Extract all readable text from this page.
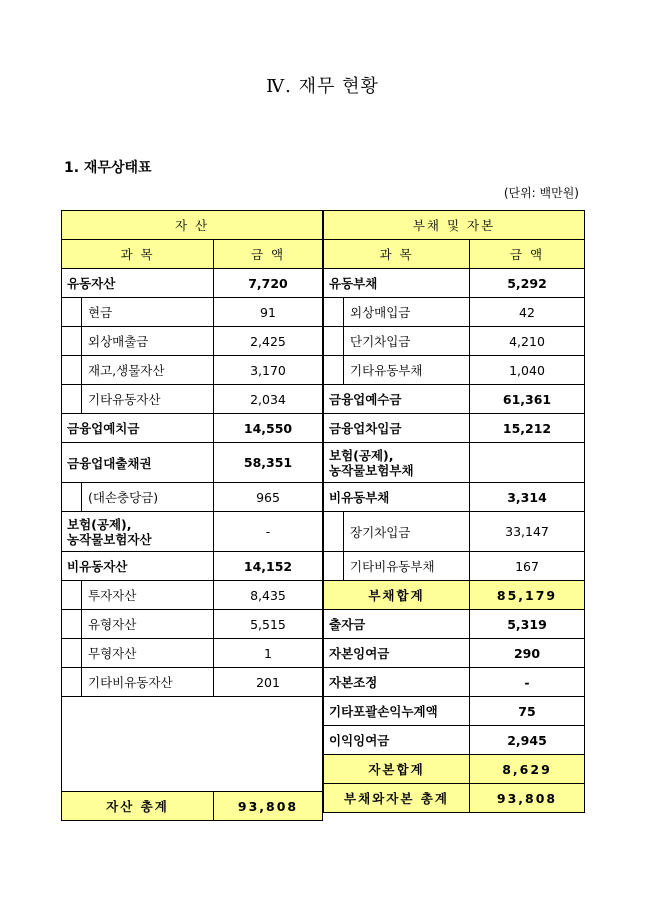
Ⅳ. 재무 현황
1. 재무상태표
(단위: 백만원)
자 산	
과 목	금 액
유동자산	7,720

현금	91

외상매출금	2,425

재고,생물자산	3,170

기타유동자산	2,034
금융업예치금	14,550
금융업대출채권	58,351

(대손충당금)	965
보험(공제),
농작물보험자산	-
비유동자산	14,152

투자자산	8,435

유형자산	5,515

무형자산	1

기타비유동자산	201

자산 총계	93,808
부채 및 자본	
과 목	금 액
유동부채	5,292

외상매입금	42

단기차입금	4,210

기타유동부채	1,040
금융업예수금	61,361
금융업차입금	15,212
보험(공제),
농작물보험부채	
비유동부채	3,314

장기차입금	33,147

기타비유동부채	167
부채합계	85,179
출자금	5,319
자본잉여금	290
자본조정	-
기타포괄손익누계액	75
이익잉여금	2,945
자본합계	8,629
부채와자본 총계	93,808
